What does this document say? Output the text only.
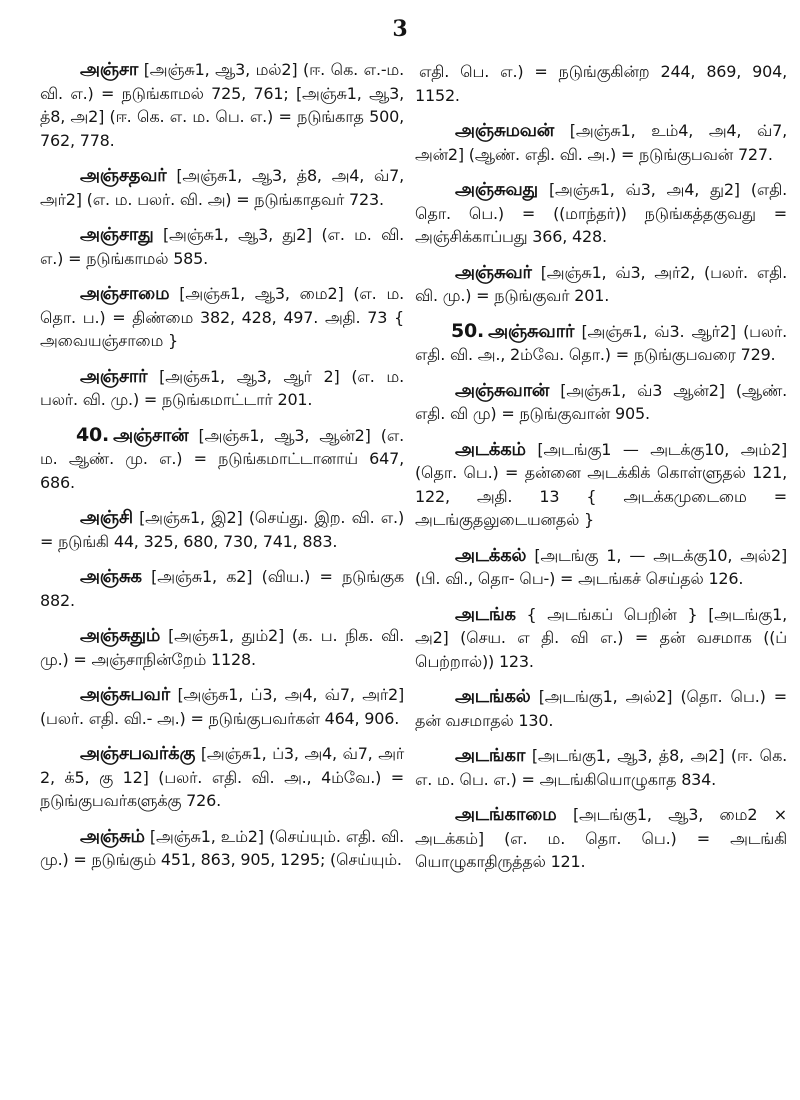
3

அஞ்சா [அஞ்சு1, ஆ3, மல்2] (ஈ. கெ. எ.-ம. வி. எ.) = நடுங்காமல் 725, 761; [அஞ்சு1, ஆ3, த்8, அ2] (ஈ. கெ. எ. ம. பெ. எ.) = நடுங்காத 500, 762, 778.

அஞ்சதவர் [அஞ்சு1, ஆ3, த்8, அ4, வ்7, அர்2] (எ. ம. பலர். வி. அ) = நடுங்காதவர் 723.

அஞ்சாது [அஞ்சு1, ஆ3, து2] (எ. ம. வி. எ.) = நடுங்காமல் 585.

அஞ்சாமை [அஞ்சு1, ஆ3, மை2] (எ. ம. தொ. ப.) = திண்மை 382, 428, 497. அதி. 73 { அவையஞ்சாமை }

அஞ்சார் [அஞ்சு1, ஆ3, ஆர் 2] (எ. ம. பலர். வி. மு.) = நடுங்கமாட்டார் 201.

40. அஞ்சான் [அஞ்சு1, ஆ3, ஆன்2] (எ. ம. ஆண். மு. எ.) = நடுங்கமாட்டானாய் 647, 686.

அஞ்சி [அஞ்சு1, இ2] (செய்து. இற. வி. எ.) = நடுங்கி 44, 325, 680, 730, 741, 883.

அஞ்சுக [அஞ்சு1, க2] (விய.) = நடுங்குக 882.

அஞ்சுதும் [அஞ்சு1, தும்2] (க. ப. நிக. வி. மு.) = அஞ்சாநின்றேம் 1128.

அஞ்சுபவர் [அஞ்சு1, ப்3, அ4, வ்7, அர்2] (பலர். எதி. வி.- அ.) = நடுங்குபவர்கள் 464, 906.

அஞ்சபவர்க்கு [அஞ்சு1, ப்3, அ4, வ்7, அர் 2, க்5, கு 12] (பலர். எதி. வி. அ., 4ம்வே.) = நடுங்குபவர்களுக்கு 726.

அஞ்சும் [அஞ்சு1, உம்2] (செய்யும். எதி. வி. மு.) = நடுங்கும் 451, 863, 905, 1295; (செய்யும்.

எதி. பெ. எ.) = நடுங்குகின்ற 244, 869, 904, 1152.

அஞ்சுமவன் [அஞ்சு1, உம்4, அ4, வ்7, அன்2] (ஆண். எதி. வி. அ.) = நடுங்குபவன் 727.

அஞ்சுவது [அஞ்சு1, வ்3, அ4, து2] (எதி. தொ. பெ.) = ((மாந்தர்)) நடுங்கத்தகுவது = அஞ்சிக்காப்பது 366, 428.

அஞ்சுவர் [அஞ்சு1, வ்3, அர்2, (பலர். எதி. வி. மு.) = நடுங்குவர் 201.

50. அஞ்சுவார் [அஞ்சு1, வ்3. ஆர்2] (பலர். எதி. வி. அ., 2ம்வே. தொ.) = நடுங்குபவரை 729.

அஞ்சுவான் [அஞ்சு1, வ்3 ஆன்2] (ஆண். எதி. வி மு) = நடுங்குவான் 905.

அடக்கம் [அடங்கு1 — அடக்கு10, அம்2] (தொ. பெ.) = தன்னை அடக்கிக் கொள்ளுதல் 121, 122, அதி. 13 { அடக்கமுடைமை = அடங்குதலுடையனதல் }

அடக்கல் [அடங்கு 1, — அடக்கு10, அல்2] (பி. வி., தொ- பெ-) = அடங்கச் செய்தல் 126.

அடங்க { அடங்கப் பெறின் } [அடங்கு1, அ2] (செய. எ தி. வி எ.) = தன் வசமாக ((ப் பெற்றால்)) 123.

அடங்கல் [அடங்கு1, அல்2] (தொ. பெ.) = தன் வசமாதல் 130.

அடங்கா [அடங்கு1, ஆ3, த்8, அ2] (ஈ. கெ. எ. ம. பெ. எ.) = அடங்கியொழுகாத 834.

அடங்காமை [அடங்கு1, ஆ3, மை2 × அடக்கம்] (எ. ம. தொ. பெ.) = அடங்கி யொழுகாதிருத்தல் 121.
